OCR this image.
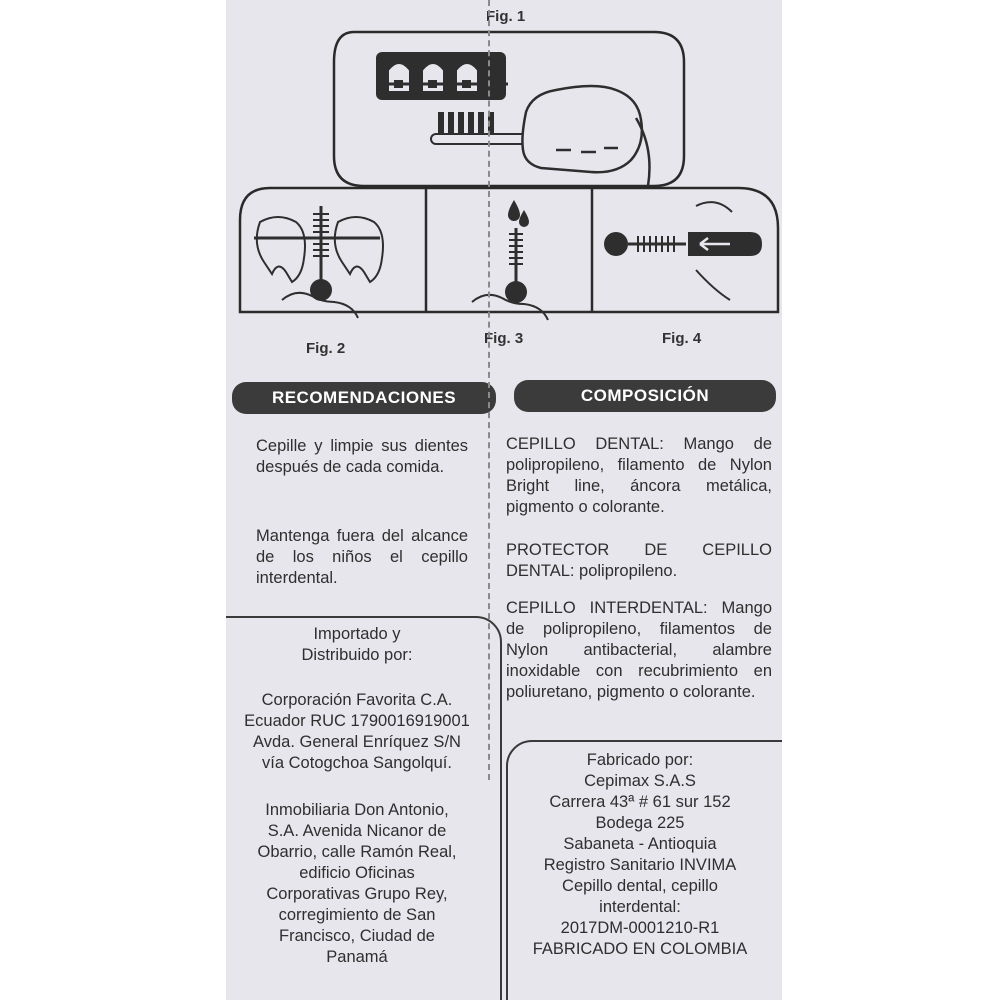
Fig. 1
Fig. 2
Fig. 3	Fig. 4
RECOMENDACIONES	COMPOSICIÓN
Cepille y limpie sus dientes después de cada comida.
Mantenga fuera del alcance de los niños el cepillo interdental.
CEPILLO DENTAL: Mango de polipropileno, filamento de Nylon Bright line, áncora metálica, pigmento o colorante.
PROTECTOR DE CEPILLO DENTAL: polipropileno.
CEPILLO INTERDENTAL: Mango de polipropileno, filamentos de Nylon antibacterial, alambre inoxidable con recubrimiento en poliuretano, pigmento o colorante.
Importado y
Distribuido por:
Corporación Favorita C.A.
Ecuador RUC 1790016919001
Avda. General Enríquez S/N
vía Cotogchoa Sangolquí.
Inmobiliaria Don Antonio,
S.A. Avenida Nicanor de
Obarrio, calle Ramón Real,
edificio Oficinas
Corporativas Grupo Rey,
corregimiento de San
Francisco, Ciudad de
Panamá
Fabricado por:
Cepimax S.A.S
Carrera 43ª # 61 sur 152
Bodega 225
Sabaneta - Antioquia
Registro Sanitario INVIMA
Cepillo dental, cepillo
interdental:
2017DM-0001210-R1
FABRICADO EN COLOMBIA
